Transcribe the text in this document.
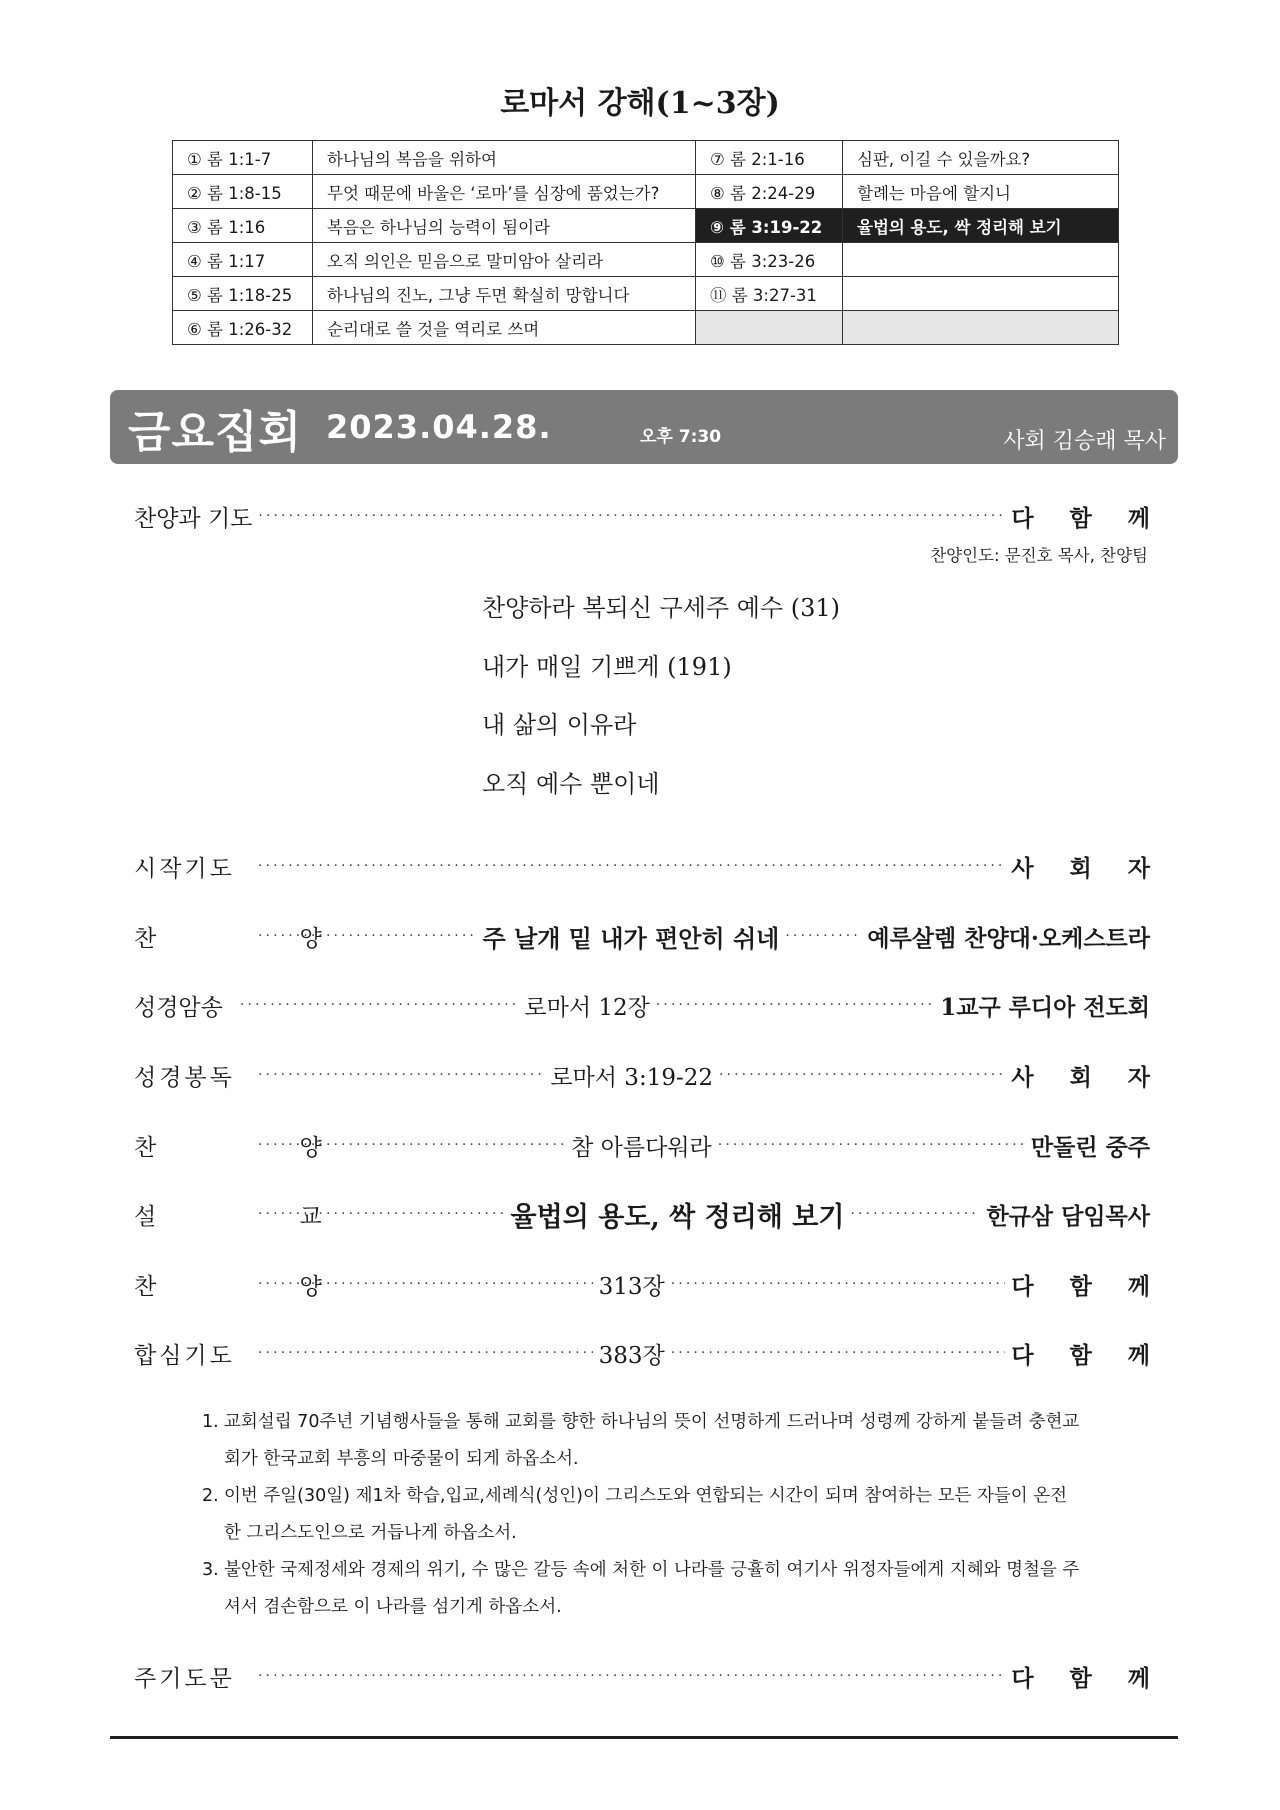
로마서 강해(1~3장)
① 롬 1:1-7	하나님의 복음을 위하여	⑦ 롬 2:1-16	심판, 이길 수 있을까요?
② 롬 1:8-15	무엇 때문에 바울은 ‘로마’를 심장에 품었는가?	⑧ 롬 2:24-29	할례는 마음에 할지니
③ 롬 1:16	복음은 하나님의 능력이 됨이라	⑨ 롬 3:19-22	율법의 용도, 싹 정리해 보기
④ 롬 1:17	오직 의인은 믿음으로 말미암아 살리라	⑩ 롬 3:23-26	
⑤ 롬 1:18-25	하나님의 진노, 그냥 두면 확실히 망합니다	⑪ 롬 3:27-31	
⑥ 롬 1:26-32	순리대로 쓸 것을 역리로 쓰며		
금요집회 2023.04.28.	오후 7:30	사회 김승래 목사
찬양과 기도 ·····	다 함 께
찬양인도: 문진호 목사, 찬양팀
찬양하라 복되신 구세주 예수 (31)
내가 매일 기쁘게 (191)
내 삶의 이유라
오직 예수 뿐이네
시작기도 ·····	사 회 자
찬 양 ·····	주 날개 밑 내가 편안히 쉬네 ·····	예루살렘 찬양대·오케스트라
성경암송 ·····	로마서 12장 ·····	1교구 루디아 전도회
성경봉독 ·····	로마서 3:19-22 ·····	사 회 자
찬 양 ·····	참 아름다워라 ·····	만돌린 중주
설 교 ·····	율법의 용도, 싹 정리해 보기 ·····	한규삼 담임목사
찬 양 ·····	313장 ·····	다 함 께
합심기도 ·····	383장 ·····	다 함 께
1. 교회설립 70주년 기념행사들을 통해 교회를 향한 하나님의 뜻이 선명하게 드러나며 성령께 강하게 붙들려 충현교회가 한국교회 부흥의 마중물이 되게 하옵소서.
2. 이번 주일(30일) 제1차 학습,입교,세례식(성인)이 그리스도와 연합되는 시간이 되며 참여하는 모든 자들이 온전한 그리스도인으로 거듭나게 하옵소서.
3. 불안한 국제정세와 경제의 위기, 수 많은 갈등 속에 처한 이 나라를 긍휼히 여기사 위정자들에게 지혜와 명철을 주셔서 겸손함으로 이 나라를 섬기게 하옵소서.
주기도문 ·····	다 함 께
